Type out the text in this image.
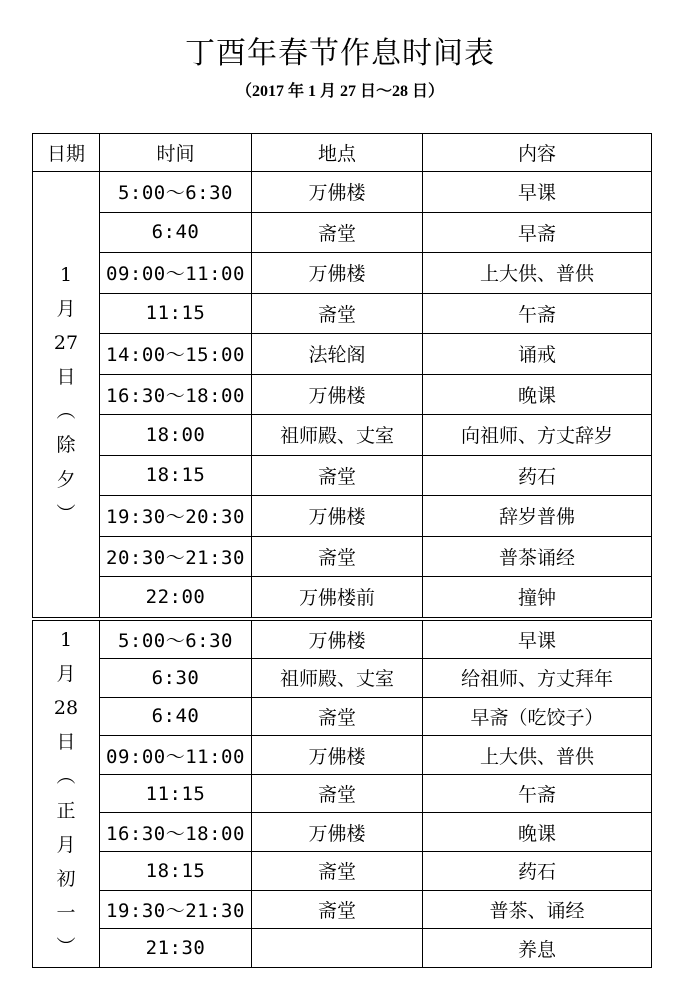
丁酉年春节作息时间表
（2017 年 1 月 27 日～28 日）
日期	时间	地点	内容

1
月
27
日
︵
除
夕
︶
	5:00～6:30	万佛楼	早课
	6:40	斋堂	早斋
	09:00～11:00	万佛楼	上大供、普供
	11:15	斋堂	午斋
	14:00～15:00	法轮阁	诵戒
	16:30～18:00	万佛楼	晚课
	18:00	祖师殿、丈室	向祖师、方丈辞岁
	18:15	斋堂	药石
	19:30～20:30	万佛楼	辞岁普佛
	20:30～21:30	斋堂	普茶诵经
	22:00	万佛楼前	撞钟

1
月
28
日
︵
正
月
初
一
︶
	5:00～6:30	万佛楼	早课
	6:30	祖师殿、丈室	给祖师、方丈拜年
	6:40	斋堂	早斋（吃饺子）
	09:00～11:00	万佛楼	上大供、普供
	11:15	斋堂	午斋
	16:30～18:00	万佛楼	晚课
	18:15	斋堂	药石
	19:30～21:30	斋堂	普茶、诵经
	21:30		养息
